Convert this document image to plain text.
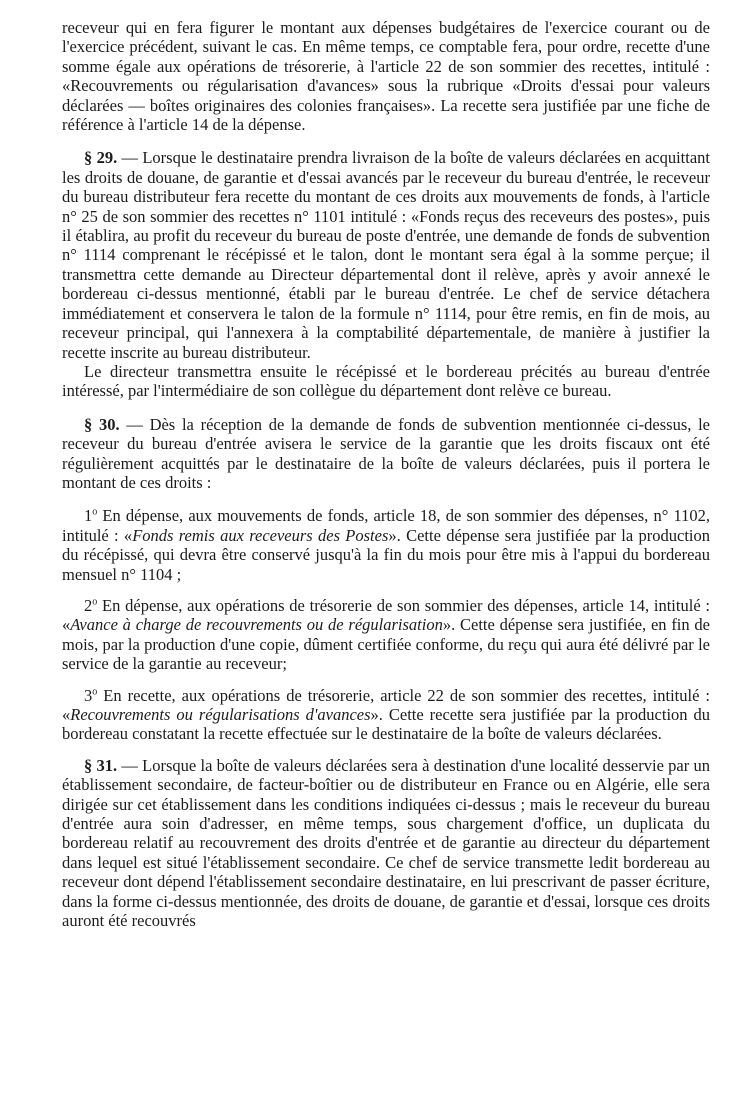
receveur qui en fera figurer le montant aux dépenses budgétaires de l'exercice courant ou de l'exercice précédent, suivant le cas. En même temps, ce comptable fera, pour ordre, recette d'une somme égale aux opérations de trésorerie, à l'article 22 de son sommier des recettes, intitulé : «Recouvrements ou régularisation d'avances» sous la rubrique «Droits d'essai pour valeurs déclarées — boîtes originaires des colonies françaises». La recette sera justifiée par une fiche de référence à l'article 14 de la dépense.

§ 29. — Lorsque le destinataire prendra livraison de la boîte de valeurs déclarées en acquittant les droits de douane, de garantie et d'essai avancés par le receveur du bureau d'entrée, le receveur du bureau distributeur fera recette du montant de ces droits aux mouvements de fonds, à l'article n° 25 de son sommier des recettes n° 1101 intitulé : «Fonds reçus des receveurs des postes», puis il établira, au profit du receveur du bureau de poste d'entrée, une demande de fonds de subvention n° 1114 comprenant le récépissé et le talon, dont le montant sera égal à la somme perçue; il transmettra cette demande au Directeur départemental dont il relève, après y avoir annexé le bordereau ci-dessus mentionné, établi par le bureau d'entrée. Le chef de service détachera immédiatement et conservera le talon de la formule n° 1114, pour être remis, en fin de mois, au receveur principal, qui l'annexera à la comptabilité départementale, de manière à justifier la recette inscrite au bureau distributeur.

Le directeur transmettra ensuite le récépissé et le bordereau précités au bureau d'entrée intéressé, par l'intermédiaire de son collègue du département dont relève ce bureau.

§ 30. — Dès la réception de la demande de fonds de subvention mentionnée ci-dessus, le receveur du bureau d'entrée avisera le service de la garantie que les droits fiscaux ont été régulièrement acquittés par le destinataire de la boîte de valeurs déclarées, puis il portera le montant de ces droits :

1$^o$ En dépense, aux mouvements de fonds, article 18, de son sommier des dépenses, n° 1102, intitulé : «Fonds remis aux receveurs des Postes». Cette dépense sera justifiée par la production du récépissé, qui devra être conservé jusqu'à la fin du mois pour être mis à l'appui du bordereau mensuel n° 1104 ;

2$^o$ En dépense, aux opérations de trésorerie de son sommier des dépenses, article 14, intitulé : «Avance à charge de recouvrements ou de régularisation». Cette dépense sera justifiée, en fin de mois, par la production d'une copie, dûment certifiée conforme, du reçu qui aura été délivré par le service de la garantie au receveur;

3$^o$ En recette, aux opérations de trésorerie, article 22 de son sommier des recettes, intitulé : «Recouvrements ou régularisations d'avances». Cette recette sera justifiée par la production du bordereau constatant la recette effectuée sur le destinataire de la boîte de valeurs déclarées.

§ 31. — Lorsque la boîte de valeurs déclarées sera à destination d'une localité desservie par un établissement secondaire, de facteur-boîtier ou de distributeur en France ou en Algérie, elle sera dirigée sur cet établissement dans les conditions indiquées ci-dessus ; mais le receveur du bureau d'entrée aura soin d'adresser, en même temps, sous chargement d'office, un duplicata du bordereau relatif au recouvrement des droits d'entrée et de garantie au directeur du département dans lequel est situé l'établissement secondaire. Ce chef de service transmette ledit bordereau au receveur dont dépend l'établissement secondaire destinataire, en lui prescrivant de passer écriture, dans la forme ci-dessus mentionnée, des droits de douane, de garantie et d'essai, lorsque ces droits auront été recouvrés
